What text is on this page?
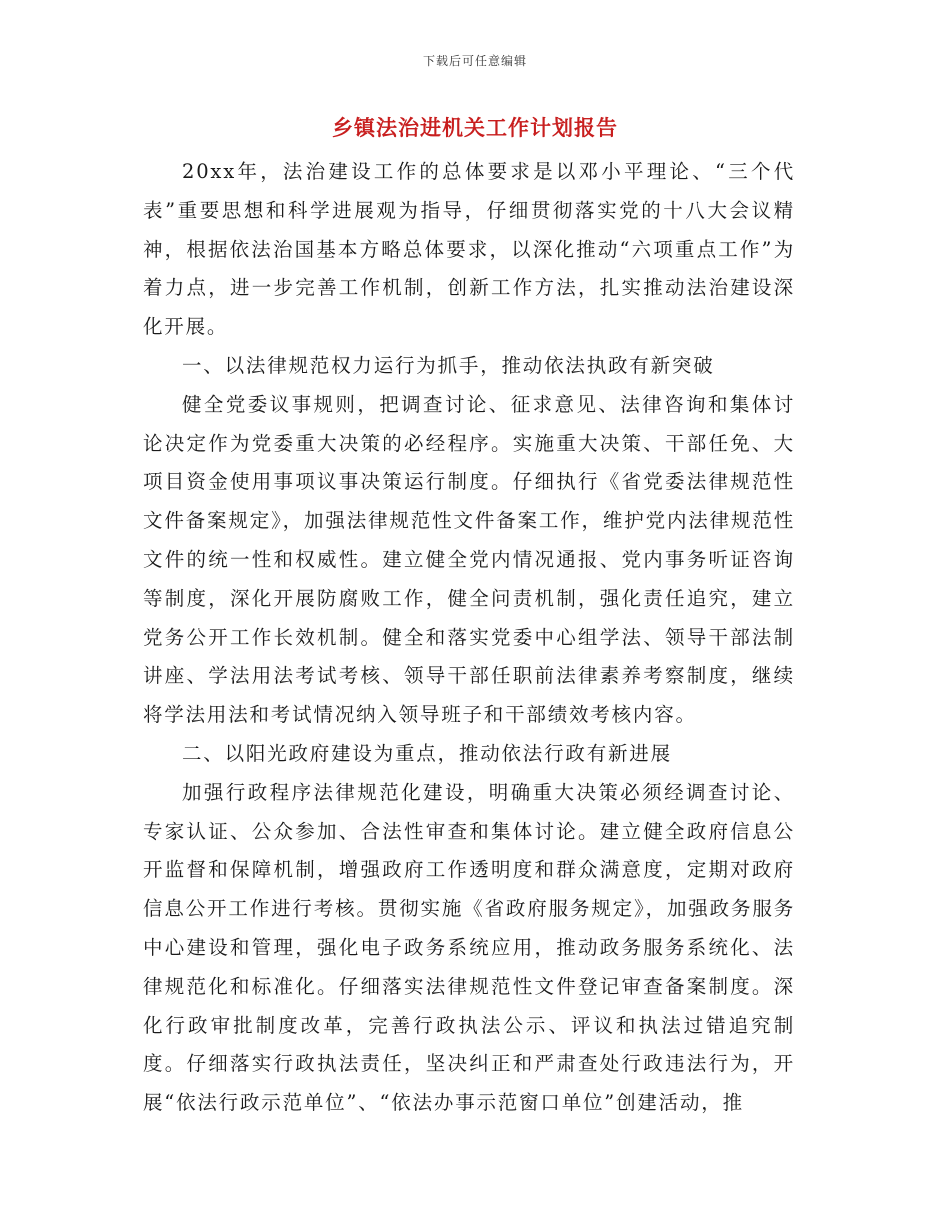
下载后可任意编辑
乡镇法治进机关工作计划报告

20xx年，法治建设工作的总体要求是以邓小平理论、“三个代表”重要思想和科学进展观为指导，仔细贯彻落实党的十八大会议精神，根据依法治国基本方略总体要求，以深化推动“六项重点工作”为着力点，进一步完善工作机制，创新工作方法，扎实推动法治建设深化开展。

一、以法律规范权力运行为抓手，推动依法执政有新突破

健全党委议事规则，把调查讨论、征求意见、法律咨询和集体讨论决定作为党委重大决策的必经程序。实施重大决策、干部任免、大项目资金使用事项议事决策运行制度。仔细执行《省党委法律规范性文件备案规定》，加强法律规范性文件备案工作，维护党内法律规范性文件的统一性和权威性。建立健全党内情况通报、党内事务听证咨询等制度，深化开展防腐败工作，健全问责机制，强化责任追究，建立党务公开工作长效机制。健全和落实党委中心组学法、领导干部法制讲座、学法用法考试考核、领导干部任职前法律素养考察制度，继续将学法用法和考试情况纳入领导班子和干部绩效考核内容。

二、以阳光政府建设为重点，推动依法行政有新进展

加强行政程序法律规范化建设，明确重大决策必须经调查讨论、专家认证、公众参加、合法性审查和集体讨论。建立健全政府信息公开监督和保障机制，增强政府工作透明度和群众满意度，定期对政府信息公开工作进行考核。贯彻实施《省政府服务规定》，加强政务服务中心建设和管理，强化电子政务系统应用，推动政务服务系统化、法律规范化和标准化。仔细落实法律规范性文件登记审查备案制度。深化行政审批制度改革，完善行政执法公示、评议和执法过错追究制度。仔细落实行政执法责任，坚决纠正和严肃查处行政违法行为，开展“依法行政示范单位”、“依法办事示范窗口单位”创建活动，推
